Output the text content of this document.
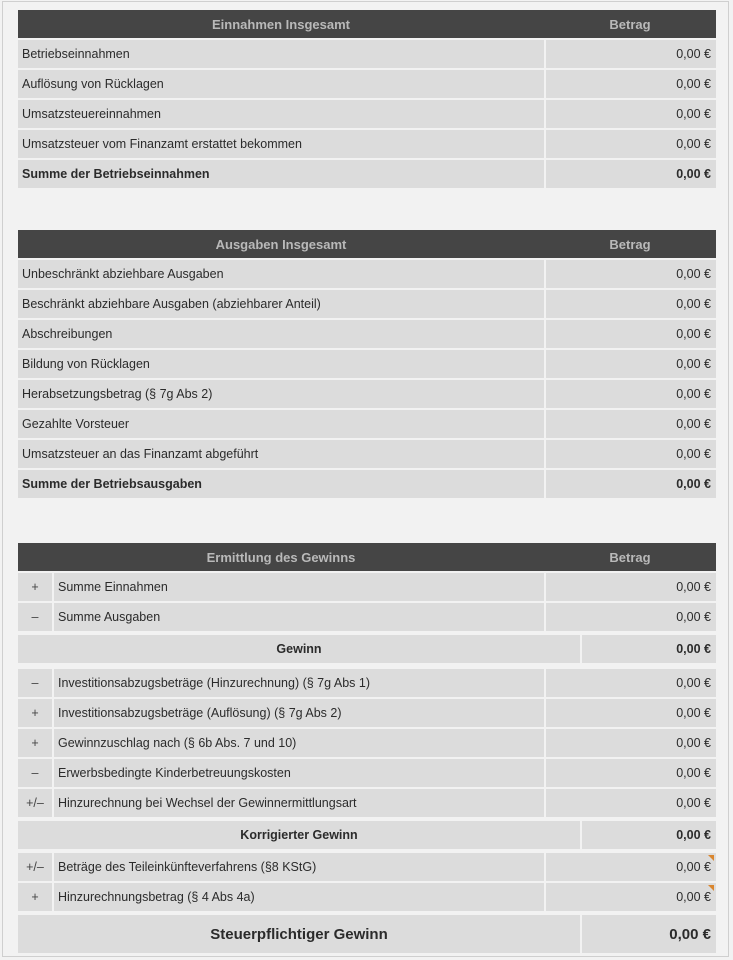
Einnahmen Insgesamt	Betrag
Betriebseinnahmen	0,00 €
Auflösung von Rücklagen	0,00 €
Umsatzsteuereinnahmen	0,00 €
Umsatzsteuer vom Finanzamt erstattet bekommen	0,00 €
Summe der Betriebseinnahmen	0,00 €
Ausgaben Insgesamt	Betrag
Unbeschränkt abziehbare Ausgaben	0,00 €
Beschränkt abziehbare Ausgaben (abziehbarer Anteil)	0,00 €
Abschreibungen	0,00 €
Bildung von Rücklagen	0,00 €
Herabsetzungsbetrag (§ 7g Abs 2)	0,00 €
Gezahlte Vorsteuer	0,00 €
Umsatzsteuer an das Finanzamt abgeführt	0,00 €
Summe der Betriebsausgaben	0,00 €
Ermittlung des Gewinns	Betrag
+	Summe Einnahmen	0,00 €
–	Summe Ausgaben	0,00 €
Gewinn	0,00 €
–	Investitionsabzugsbeträge (Hinzurechnung) (§ 7g Abs 1)	0,00 €
+	Investitionsabzugsbeträge (Auflösung) (§ 7g Abs 2)	0,00 €
+	Gewinnzuschlag nach (§ 6b Abs. 7 und 10)	0,00 €
–	Erwerbsbedingte Kinderbetreuungskosten	0,00 €
+/–	Hinzurechnung bei Wechsel der Gewinnermittlungsart	0,00 €
Korrigierter Gewinn	0,00 €
+/–	Beträge des Teileinkünfteverfahrens (§8 KStG)	0,00 €
+	Hinzurechnungsbetrag (§ 4 Abs 4a)	0,00 €
Steuerpflichtiger Gewinn	0,00 €
